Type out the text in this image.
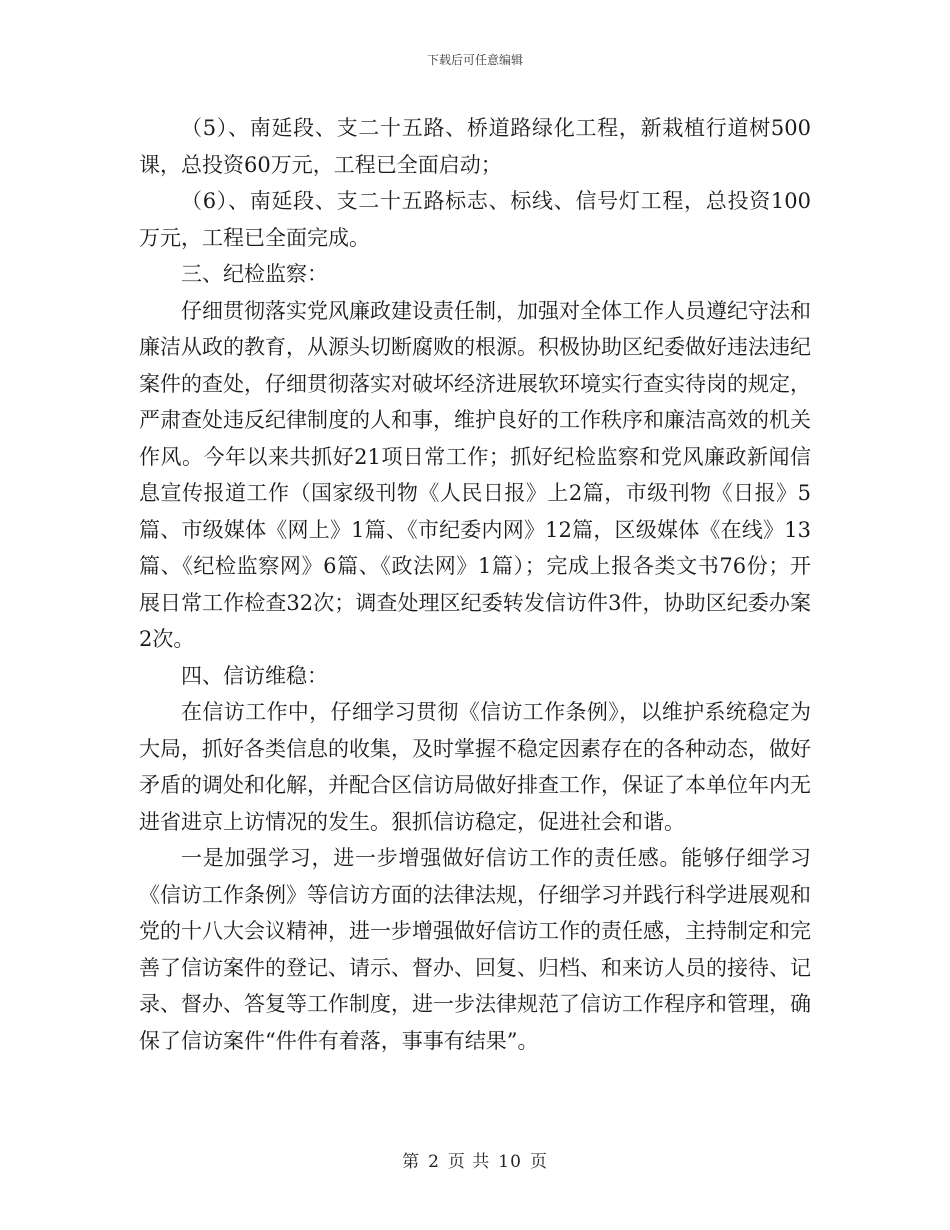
下载后可任意编辑

（5）、南延段、支二十五路、桥道路绿化工程，新栽植行道树500课，总投资60万元，工程已全面启动；

（6）、南延段、支二十五路标志、标线、信号灯工程，总投资100万元，工程已全面完成。

三、纪检监察：

仔细贯彻落实党风廉政建设责任制，加强对全体工作人员遵纪守法和廉洁从政的教育，从源头切断腐败的根源。积极协助区纪委做好违法违纪案件的查处，仔细贯彻落实对破坏经济进展软环境实行查实待岗的规定，严肃查处违反纪律制度的人和事，维护良好的工作秩序和廉洁高效的机关作风。今年以来共抓好21项日常工作；抓好纪检监察和党风廉政新闻信息宣传报道工作（国家级刊物《人民日报》上2篇，市级刊物《日报》5篇、市级媒体《网上》1篇、《市纪委内网》12篇，区级媒体《在线》13篇、《纪检监察网》6篇、《政法网》1篇）；完成上报各类文书76份；开展日常工作检查32次；调查处理区纪委转发信访件3件，协助区纪委办案2次。

四、信访维稳：

在信访工作中，仔细学习贯彻《信访工作条例》，以维护系统稳定为大局，抓好各类信息的收集，及时掌握不稳定因素存在的各种动态，做好矛盾的调处和化解，并配合区信访局做好排查工作，保证了本单位年内无进省进京上访情况的发生。狠抓信访稳定，促进社会和谐。

一是加强学习，进一步增强做好信访工作的责任感。能够仔细学习《信访工作条例》等信访方面的法律法规，仔细学习并践行科学进展观和党的十八大会议精神，进一步增强做好信访工作的责任感，主持制定和完善了信访案件的登记、请示、督办、回复、归档、和来访人员的接待、记录、督办、答复等工作制度，进一步法律规范了信访工作程序和管理，确保了信访案件“件件有着落，事事有结果”。

第 2 页 共 10 页
